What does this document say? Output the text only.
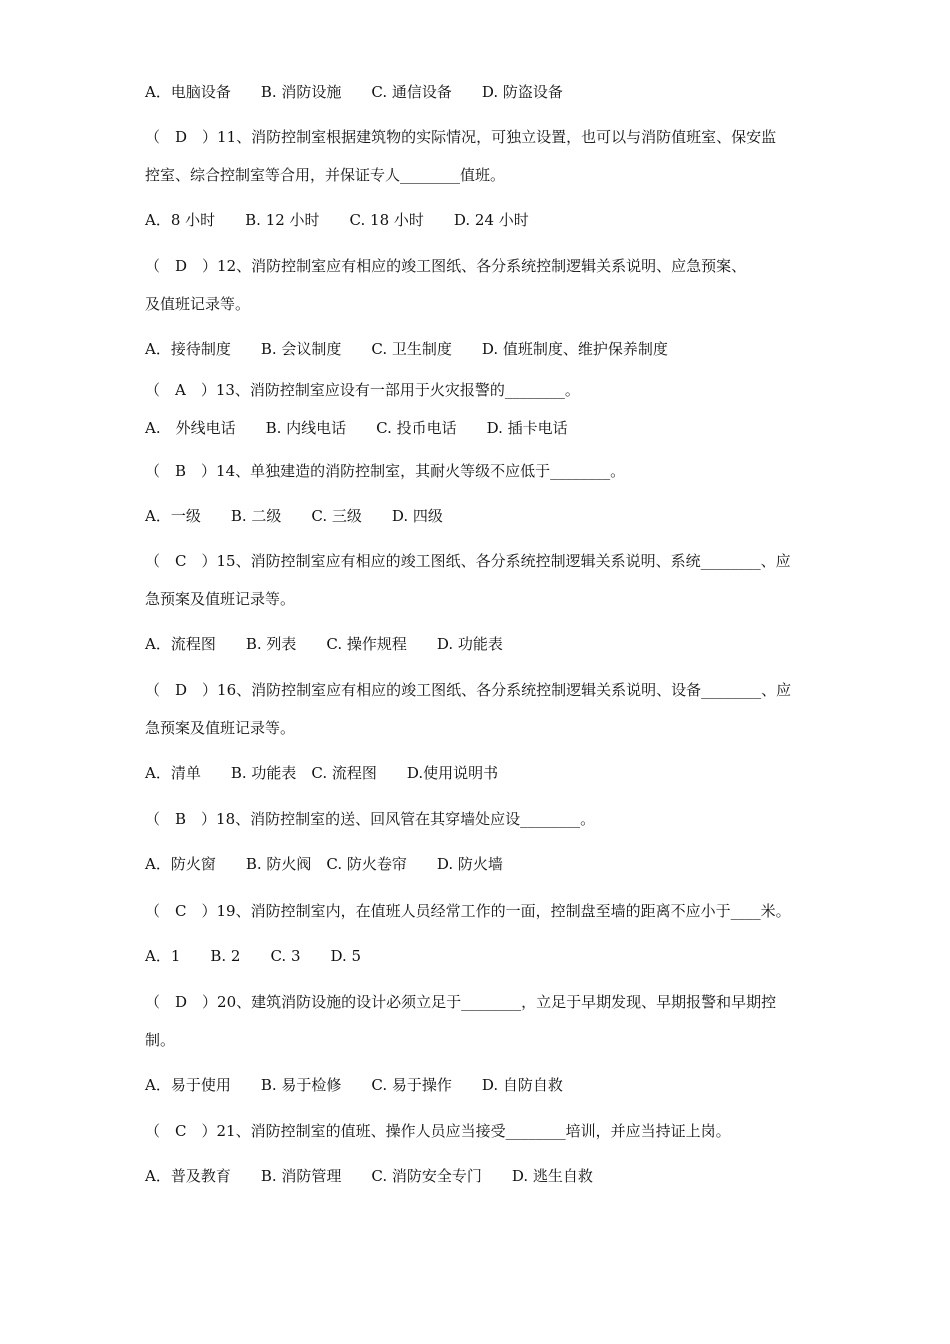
A．电脑设备　　B. 消防设施　　C. 通信设备　　D. 防盗设备
（　D　）11、消防控制室根据建筑物的实际情况，可独立设置，也可以与消防值班室、保安监
控室、综合控制室等合用，并保证专人________值班。
A．8 小时　　B. 12 小时　　C. 18 小时　　D. 24 小时
（　D　）12、消防控制室应有相应的竣工图纸、各分系统控制逻辑关系说明、应急预案、
及值班记录等。
A．接待制度　　B. 会议制度　　C. 卫生制度　　D. 值班制度、维护保养制度
（　A　）13、消防控制室应设有一部用于火灾报警的________。
A.　外线电话　　B. 内线电话　　C. 投币电话　　D. 插卡电话
（　B　）14、单独建造的消防控制室，其耐火等级不应低于________。
A．一级　　B. 二级　　C. 三级　　D. 四级
（　C　）15、消防控制室应有相应的竣工图纸、各分系统控制逻辑关系说明、系统________、应
急预案及值班记录等。
A．流程图　　B. 列表　　C. 操作规程　　D. 功能表
（　D　）16、消防控制室应有相应的竣工图纸、各分系统控制逻辑关系说明、设备________、应
急预案及值班记录等。
A．清单　　B. 功能表　C. 流程图　　D.使用说明书
（　B　）18、消防控制室的送、回风管在其穿墙处应设________。
A．防火窗　　B. 防火阀　C. 防火卷帘　　D. 防火墙
（　C　）19、消防控制室内，在值班人员经常工作的一面，控制盘至墙的距离不应小于____米。
A．1　　B. 2　　C. 3　　D. 5
（　D　）20、建筑消防设施的设计必须立足于________，立足于早期发现、早期报警和早期控
制。
A．易于使用　　B. 易于检修　　C. 易于操作　　D. 自防自救
（　C　）21、消防控制室的值班、操作人员应当接受________培训，并应当持证上岗。
A．普及教育　　B. 消防管理　　C. 消防安全专门　　D. 逃生自救
